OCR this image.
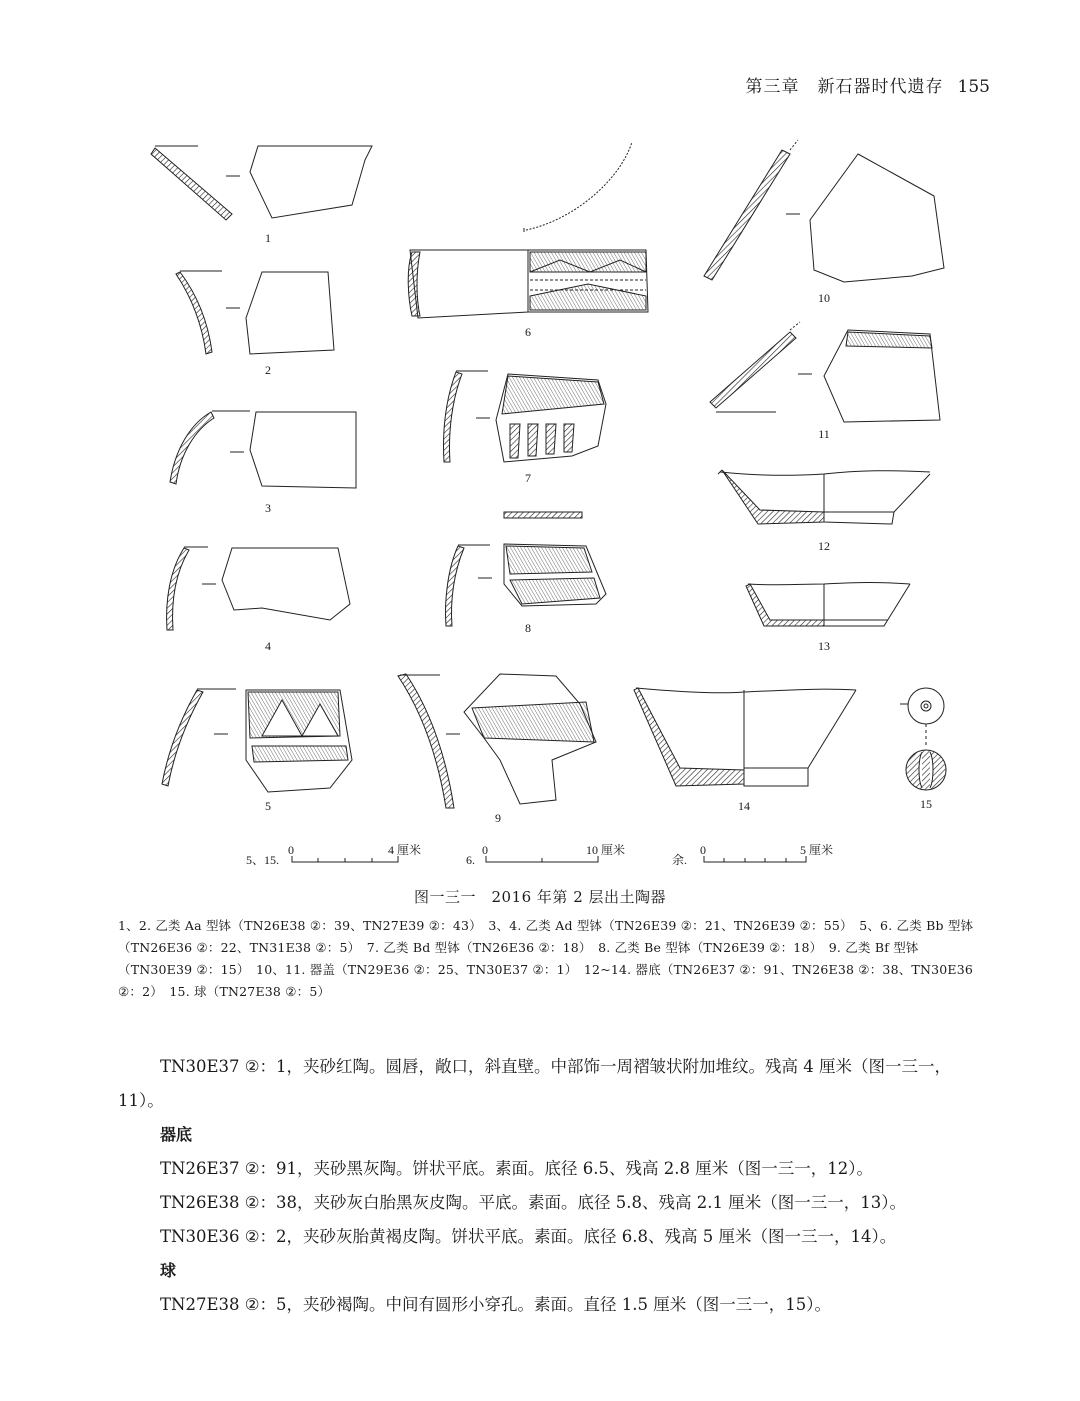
第三章　新石器时代遗存 155
1
2
3
4
5
6
7
8
9
10
11
12
13
14	15
5、15.
0	4 厘米
6.
0	10 厘米
余.
0	5 厘米
图一三一　2016 年第 2 层出土陶器
1、2. 乙类 Aa 型钵（TN26E38 ②：39、TN27E39 ②：43）　3、4. 乙类 Ad 型钵（TN26E39 ②：21、TN26E39 ②：55）　5、6. 乙类 Bb 型钵（TN26E36 ②：22、TN31E38 ②：5）　7. 乙类 Bd 型钵（TN26E36 ②：18）　8. 乙类 Be 型钵（TN26E39 ②：18）　9. 乙类 Bf 型钵（TN30E39 ②：15）　10、11. 器盖（TN29E36 ②：25、TN30E37 ②：1）　12~14. 器底（TN26E37 ②：91、TN26E38 ②：38、TN30E36 ②：2）　15. 球（TN27E38 ②：5）

TN30E37 ②：1，夹砂红陶。圆唇，敞口，斜直壁。中部饰一周褶皱状附加堆纹。残高 4 厘米（图一三一，11）。

器底

TN26E37 ②：91，夹砂黑灰陶。饼状平底。素面。底径 6.5、残高 2.8 厘米（图一三一，12）。

TN26E38 ②：38，夹砂灰白胎黑灰皮陶。平底。素面。底径 5.8、残高 2.1 厘米（图一三一，13）。

TN30E36 ②：2，夹砂灰胎黄褐皮陶。饼状平底。素面。底径 6.8、残高 5 厘米（图一三一，14）。

球

TN27E38 ②：5，夹砂褐陶。中间有圆形小穿孔。素面。直径 1.5 厘米（图一三一，15）。
